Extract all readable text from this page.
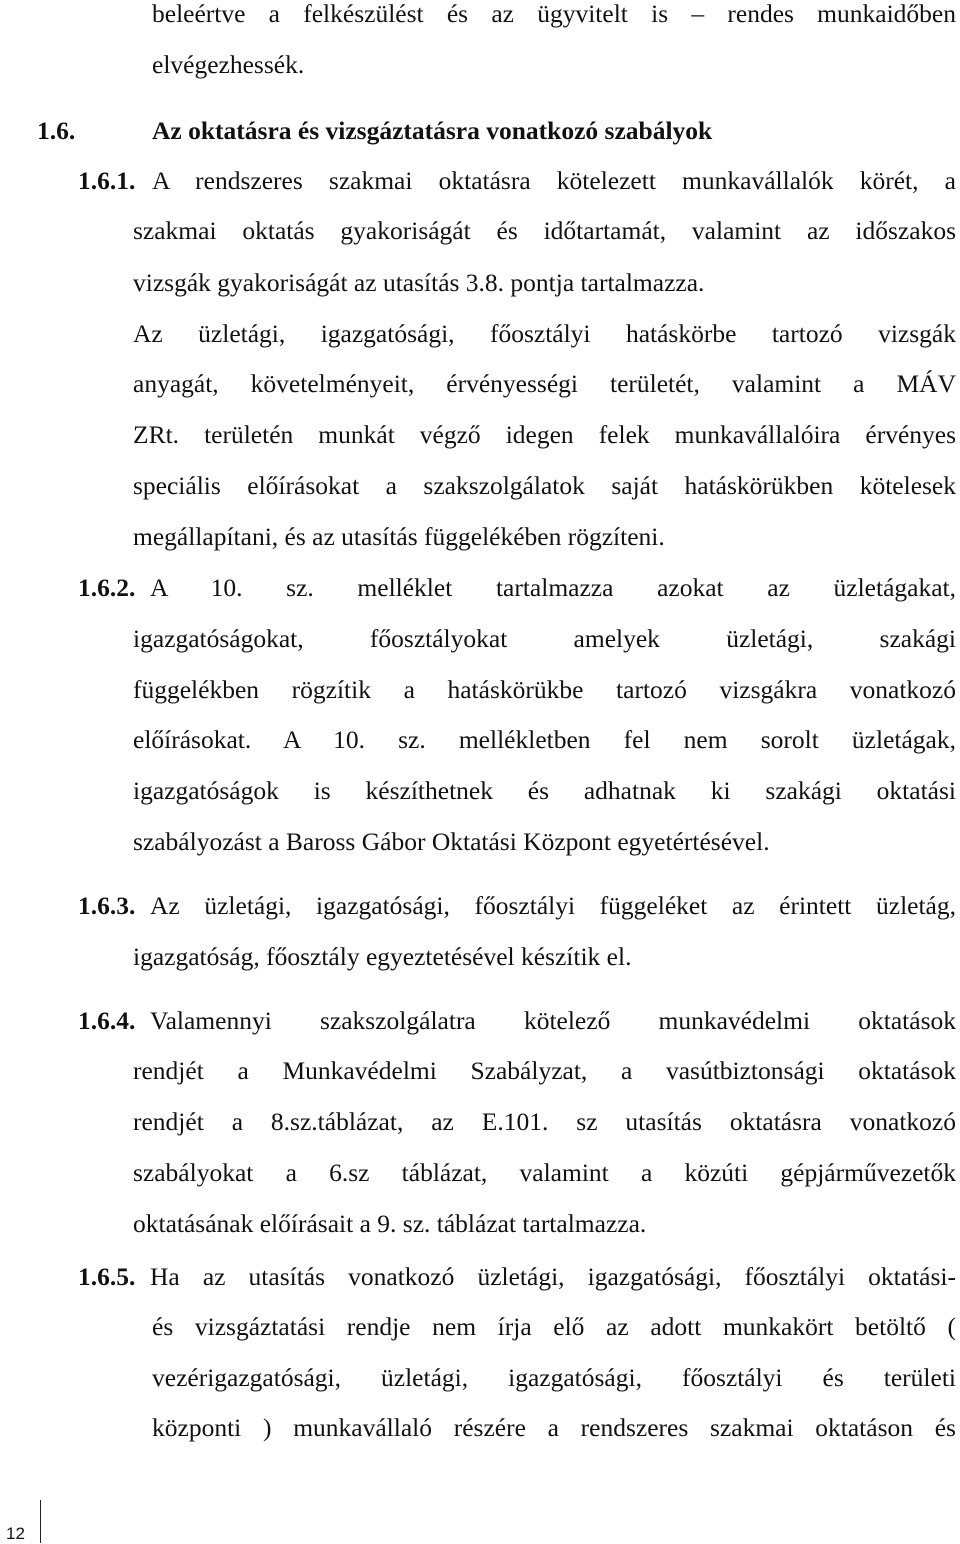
beleértve a felkészülést és az ügyvitelt is – rendes munkaidőben
elvégezhessék.
1.6.	Az oktatásra és vizsgáztatásra vonatkozó szabályok
1.6.1. A rendszeres szakmai oktatásra kötelezett munkavállalók körét, a
szakmai oktatás gyakoriságát és időtartamát, valamint az időszakos
vizsgák gyakoriságát az utasítás 3.8. pontja tartalmazza.
Az üzletági, igazgatósági, főosztályi hatáskörbe tartozó vizsgák
anyagát, követelményeit, érvényességi területét, valamint a MÁV
ZRt. területén munkát végző idegen felek munkavállalóira érvényes
speciális előírásokat a szakszolgálatok saját hatáskörükben kötelesek
megállapítani, és az utasítás függelékében rögzíteni.
1.6.2. A 10. sz. melléklet tartalmazza azokat az üzletágakat,
igazgatóságokat, főosztályokat amelyek üzletági, szakági
függelékben rögzítik a hatáskörükbe tartozó vizsgákra vonatkozó
előírásokat. A 10. sz. mellékletben fel nem sorolt üzletágak,
igazgatóságok is készíthetnek és adhatnak ki szakági oktatási
szabályozást a Baross Gábor Oktatási Központ egyetértésével.
1.6.3. Az üzletági, igazgatósági, főosztályi függeléket az érintett üzletág,
igazgatóság, főosztály egyeztetésével készítik el.
1.6.4. Valamennyi szakszolgálatra kötelező munkavédelmi oktatások
rendjét a Munkavédelmi Szabályzat, a vasútbiztonsági oktatások
rendjét a 8.sz.táblázat, az E.101. sz utasítás oktatásra vonatkozó
szabályokat a 6.sz táblázat, valamint a közúti gépjárművezetők
oktatásának előírásait a 9. sz. táblázat tartalmazza.
1.6.5. Ha az utasítás vonatkozó üzletági, igazgatósági, főosztályi oktatási-
és vizsgáztatási rendje nem írja elő az adott munkakört betöltő (
vezérigazgatósági, üzletági, igazgatósági, főosztályi és területi
központi ) munkavállaló részére a rendszeres szakmai oktatáson és
12
